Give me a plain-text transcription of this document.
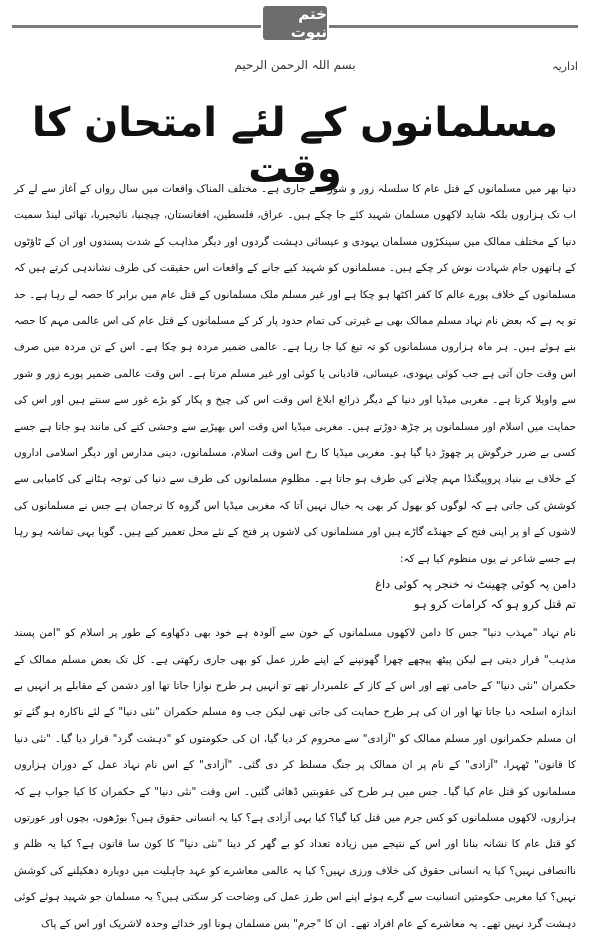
ختم نبوت
اداریہ
بسم اللہ الرحمن الرحیم
مسلمانوں کے لئے امتحان کا وقت

دنیا بھر میں مسلمانوں کے قتل عام کا سلسلہ زور و شور سے جاری ہے۔ مختلف المناک واقعات میں سال رواں کے آغاز سے لے کر اب تک ہزاروں بلکہ شاید لاکھوں مسلمان شہید کئے جا چکے ہیں۔ عراق، فلسطین، افغانستان، چیچنیا، نائیجیریا، تھائی لینڈ سمیت دنیا کے مختلف ممالک میں سینکڑوں مسلمان یہودی و عیسائی دہشت گردوں اور دیگر مذاہب کے شدت پسندوں اور ان کے ٹاؤٹوں کے ہاتھوں جام شہادت نوش کر چکے ہیں۔ مسلمانوں کو شہید کیے جانے کے واقعات اس حقیقت کی طرف نشاندہی کرتے ہیں کہ مسلمانوں کے خلاف پورے عالم کا کفر اکٹھا ہو چکا ہے اور غیر مسلم ملک مسلمانوں کے قتل عام میں برابر کا حصہ لے رہا ہے۔ حد تو یہ ہے کہ بعض نام نہاد مسلم ممالک بھی بے غیرتی کی تمام حدود پار کر کے مسلمانوں کے قتل عام کی اس عالمی مہم کا حصہ بنے ہوئے ہیں۔ ہر ماہ ہزاروں مسلمانوں کو تہ تیغ کیا جا رہا ہے۔ عالمی ضمیر مردہ ہو چکا ہے۔ اس کے تن مردہ میں صرف اس وقت جان آتی ہے جب کوئی یہودی، عیسائی، قادیانی یا کوئی اور غیر مسلم مرتا ہے۔ اس وقت عالمی ضمیر پورے زور و شور سے واویلا کرتا ہے۔ مغربی میڈیا اور دنیا کے دیگر ذرائع ابلاغ اس وقت اس کی چیخ و پکار کو بڑے غور سے سنتے ہیں اور اس کی حمایت میں اسلام اور مسلمانوں پر چڑھ دوڑتے ہیں۔ مغربی میڈیا اس وقت اس بھیڑیے سے وحشی کتے کی مانند ہو جاتا ہے جسے کسی بے ضرر خرگوش پر چھوڑ دیا گیا ہو۔ مغربی میڈیا کا رخ اس وقت اسلام، مسلمانوں، دینی مدارس اور دیگر اسلامی اداروں کے خلاف بے بنیاد پروپیگنڈا مہم چلانے کی طرف ہو جاتا ہے۔ مظلوم مسلمانوں کی طرف سے دنیا کی توجہ ہٹانے کی کامیابی سے کوشش کی جاتی ہے کہ لوگوں کو بھول کر بھی یہ خیال نہیں آتا کہ مغربی میڈیا اس گروہ کا ترجمان ہے جس نے مسلمانوں کی لاشوں کے او پر اپنی فتح کے جھنڈے گاڑے ہیں اور مسلمانوں کی لاشوں پر فتح کے نئے محل تعمیر کیے ہیں۔ گویا یہی تماشہ ہو رہا ہے جسے شاعر نے یوں منظوم کیا ہے کہ:

دامن پہ کوئی چھینٹ نہ خنجر پہ کوئی داغ
تم قتل کرو ہو کہ کرامات کرو ہو

نام نہاد "مہذب دنیا" جس کا دامن لاکھوں مسلمانوں کے خون سے آلودہ ہے خود بھی دکھاوے کے طور پر اسلام کو "امن پسند مذہب" قرار دیتی ہے لیکن پیٹھ پیچھے چھرا گھونپنے کے اپنے طرز عمل کو بھی جاری رکھتی ہے۔ کل تک بعض مسلم ممالک کے حکمران "نئی دنیا" کے حامی تھے اور اس کے کاز کے علمبردار تھے تو انہیں ہر طرح نوازا جاتا تھا اور دشمن کے مقابلے پر انہیں بے اندازہ اسلحہ دیا جاتا تھا اور ان کی ہر طرح حمایت کی جاتی تھی لیکن جب وہ مسلم حکمران "نئی دنیا" کے لئے ناکارہ ہو گئے تو ان مسلم حکمرانوں اور مسلم ممالک کو "آزادی" سے محروم کر دیا گیا، ان کی حکومتوں کو "دہشت گرد" قرار دیا گیا۔ "نئی دنیا کا قانون" ٹھہرا، "آزادی" کے نام پر ان ممالک پر جنگ مسلط کر دی گئی۔ "آزادی" کے اس نام نہاد عمل کے دوران ہزاروں مسلمانوں کو قتل عام کیا گیا۔ جس میں ہر طرح کی عقوبتیں ڈھائی گئیں۔ اس وقت "نئی دنیا" کے حکمران کا کیا جواب ہے کہ ہزاروں، لاکھوں مسلمانوں کو کس جرم میں قتل کیا گیا؟ کیا یہی آزادی ہے؟ کیا یہ انسانی حقوق ہیں؟ بوڑھوں، بچوں اور عورتوں کو قتل عام کا نشانہ بنانا اور اس کے نتیجے میں زیادہ تعداد کو بے گھر کر دینا "نئی دنیا" کا کون سا قانون ہے؟ کیا یہ ظلم و ناانصافی نہیں؟ کیا یہ انسانی حقوق کی خلاف ورزی نہیں؟ کیا یہ عالمی معاشرے کو عہد جاہلیت میں دوبارہ دھکیلنے کی کوشش نہیں؟ کیا مغربی حکومتیں انسانیت سے گرے ہوئے اپنے اس طرز عمل کی وضاحت کر سکتی ہیں؟ یہ مسلمان جو شہید ہوئے کوئی دہشت گرد نہیں تھے۔ یہ معاشرے کے عام افراد تھے۔ ان کا "جرم" بس مسلمان ہونا اور خدائے وحدہ لاشریک اور اس کے پاک
